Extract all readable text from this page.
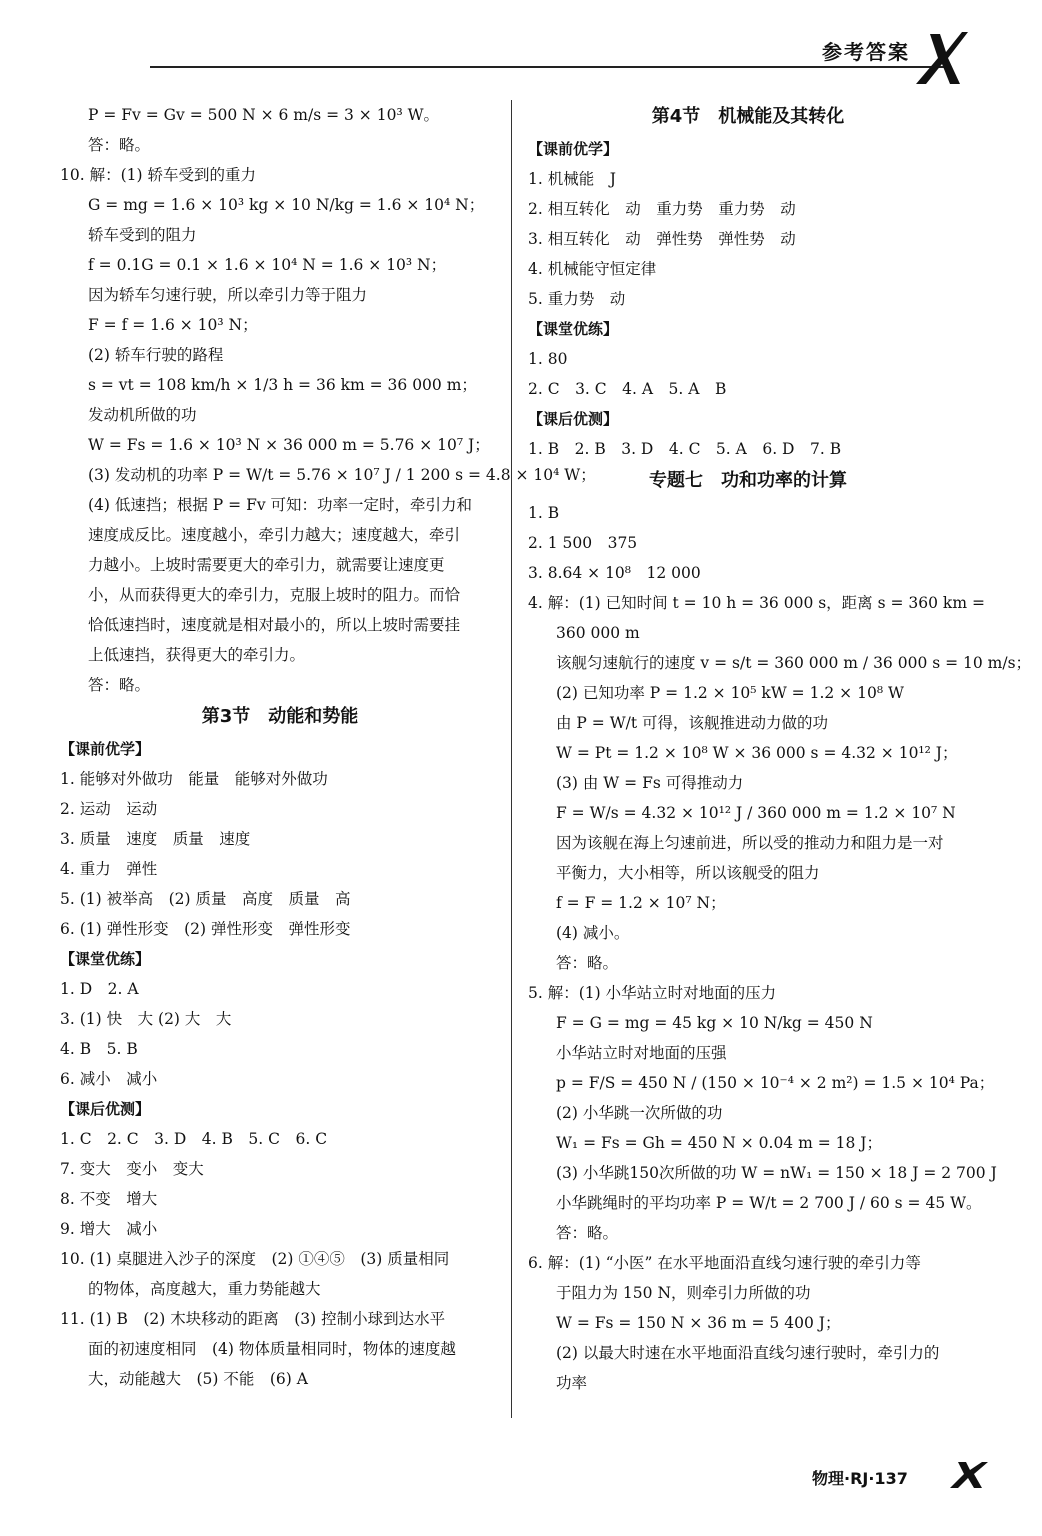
参考答案
P = Fv = Gv = 500 N × 6 m/s = 3 × 10³ W。
答：略。
10. 解：(1) 轿车受到的重力
G = mg = 1.6 × 10³ kg × 10 N/kg = 1.6 × 10⁴ N；
轿车受到的阻力
f = 0.1G = 0.1 × 1.6 × 10⁴ N = 1.6 × 10³ N；
因为轿车匀速行驶，所以牵引力等于阻力
F = f = 1.6 × 10³ N；
(2) 轿车行驶的路程
s = vt = 108 km/h × 1/3 h = 36 km = 36 000 m；
发动机所做的功
W = Fs = 1.6 × 10³ N × 36 000 m = 5.76 × 10⁷ J；
(3) 发动机的功率 P = W/t = 5.76 × 10⁷ J / 1 200 s = 4.8 × 10⁴ W；
(4) 低速挡；根据 P = Fv 可知：功率一定时，牵引力和
速度成反比。速度越小，牵引力越大；速度越大，牵引
力越小。上坡时需要更大的牵引力，就需要让速度更
小，从而获得更大的牵引力，克服上坡时的阻力。而恰
恰低速挡时，速度就是相对最小的，所以上坡时需要挂
上低速挡，获得更大的牵引力。
答：略。
第3节　动能和势能
【课前优学】
1. 能够对外做功　能量　能够对外做功
2. 运动　运动
3. 质量　速度　质量　速度
4. 重力　弹性
5. (1) 被举高　(2) 质量　高度　质量　高
6. (1) 弹性形变　(2) 弹性形变　弹性形变
【课堂优练】
1. D　2. A
3. (1) 快　大 (2) 大　大
4. B　5. B
6. 减小　减小
【课后优测】
1. C　2. C　3. D　4. B　5. C　6. C
7. 变大　变小　变大
8. 不变　增大
9. 增大　减小
10. (1) 桌腿进入沙子的深度　(2) ①④⑤　(3) 质量相同
的物体，高度越大，重力势能越大
11. (1) B　(2) 木块移动的距离　(3) 控制小球到达水平
面的初速度相同　(4) 物体质量相同时，物体的速度越
大，动能越大　(5) 不能　(6) A
第4节　机械能及其转化
【课前优学】
1. 机械能　J
2. 相互转化　动　重力势　重力势　动
3. 相互转化　动　弹性势　弹性势　动
4. 机械能守恒定律
5. 重力势　动
【课堂优练】
1. 80
2. C　3. C　4. A　5. A　B
【课后优测】
1. B　2. B　3. D　4. C　5. A　6. D　7. B
专题七　功和功率的计算
1. B
2. 1 500　375
3. 8.64 × 10⁸　12 000
4. 解：(1) 已知时间 t = 10 h = 36 000 s，距离 s = 360 km =
360 000 m
该舰匀速航行的速度 v = s/t = 360 000 m / 36 000 s = 10 m/s；
(2) 已知功率 P = 1.2 × 10⁵ kW = 1.2 × 10⁸ W
由 P = W/t 可得，该舰推进动力做的功
W = Pt = 1.2 × 10⁸ W × 36 000 s = 4.32 × 10¹² J；
(3) 由 W = Fs 可得推动力
F = W/s = 4.32 × 10¹² J / 360 000 m = 1.2 × 10⁷ N
因为该舰在海上匀速前进，所以受的推动力和阻力是一对
平衡力，大小相等，所以该舰受的阻力
f = F = 1.2 × 10⁷ N；
(4) 减小。
答：略。
5. 解：(1) 小华站立时对地面的压力
F = G = mg = 45 kg × 10 N/kg = 450 N
小华站立时对地面的压强
p = F/S = 450 N / (150 × 10⁻⁴ × 2 m²) = 1.5 × 10⁴ Pa；
(2) 小华跳一次所做的功
W₁ = Fs = Gh = 450 N × 0.04 m = 18 J；
(3) 小华跳150次所做的功 W = nW₁ = 150 × 18 J = 2 700 J
小华跳绳时的平均功率 P = W/t = 2 700 J / 60 s = 45 W。
答：略。
6. 解：(1) “小医” 在水平地面沿直线匀速行驶的牵引力等
于阻力为 150 N，则牵引力所做的功
W = Fs = 150 N × 36 m = 5 400 J；
(2) 以最大时速在水平地面沿直线匀速行驶时，牵引力的
功率
物理·RJ·137
